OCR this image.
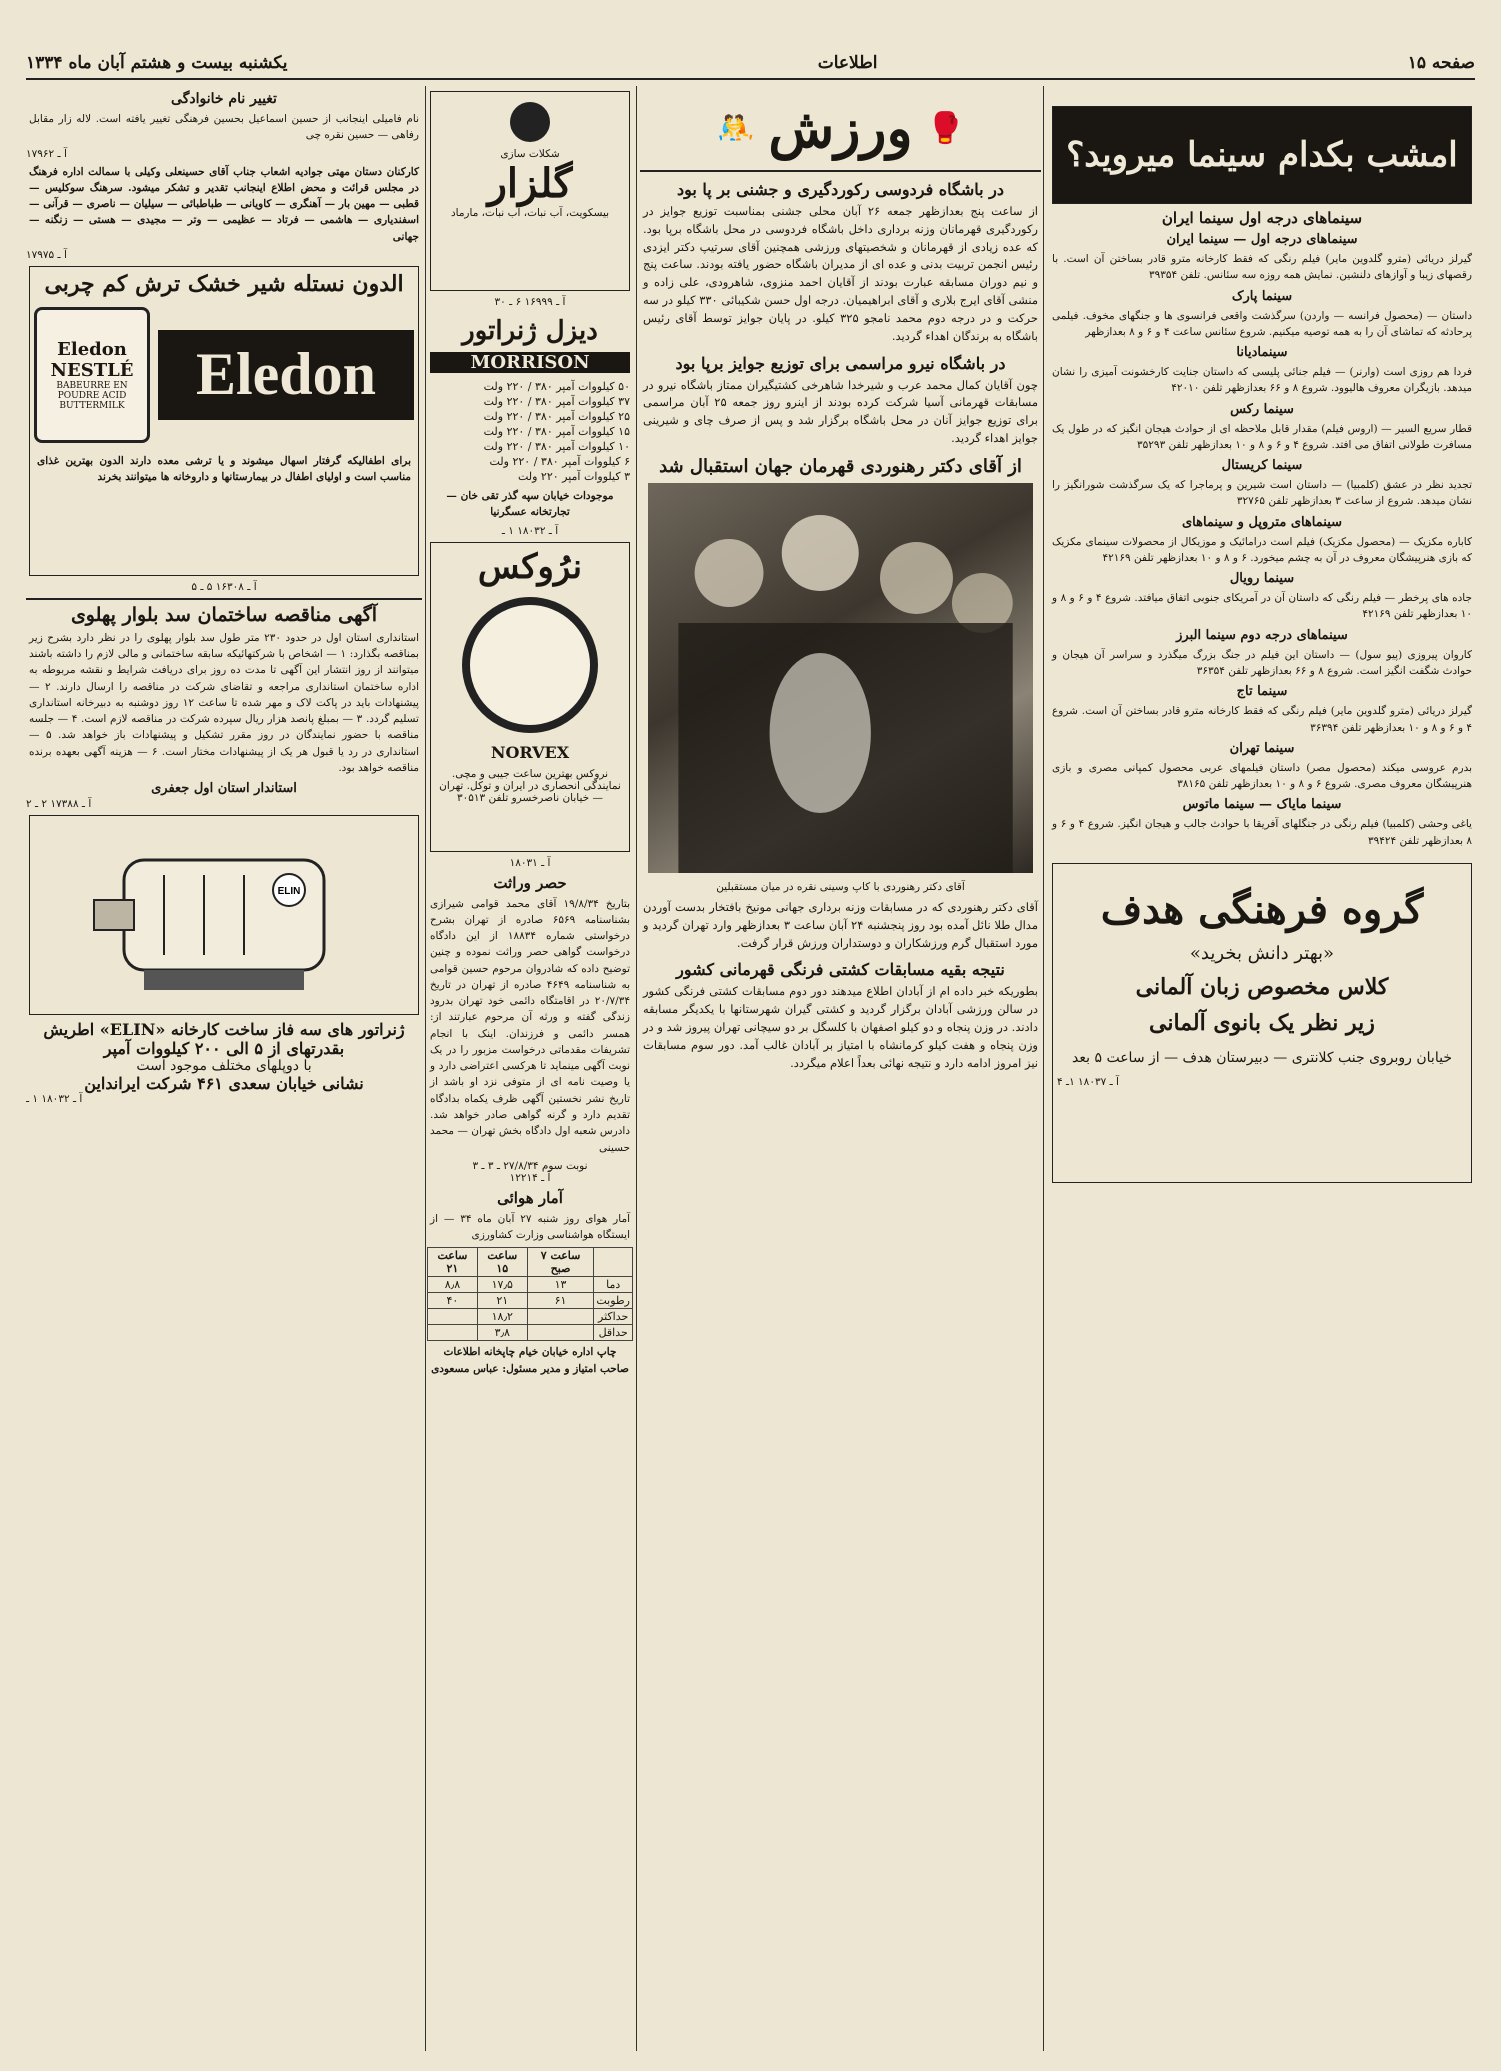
صفحه ۱۵
اطلاعات
یکشنبه بیست و هشتم آبان ماه ۱۳۳۴
امشب بکدام سینما میروید؟
سینماهای درجه اول سینما ایران
سینماهای درجه اول — سینما ایران
گیرلز دریائی (مترو گلدوین مایر) فیلم رنگی که فقط کارخانه مترو قادر بساختن آن است. با رقصهای زیبا و آوازهای دلنشین. نمایش همه روزه سه سئانس. تلفن ۳۹۳۵۴
سینما پارک
داستان — (محصول فرانسه — واردن) سرگذشت واقعی فرانسوی ها و جنگهای مخوف. فیلمی پرحادثه که تماشای آن را به همه توصیه میکنیم. شروع سئانس ساعت ۴ و ۶ و ۸ بعدازظهر
سینمادیانا
فردا هم روزی است (وارنر) — فیلم جنائی پلیسی که داستان جنایت کارخشونت آمیزی را نشان میدهد. بازیگران معروف هالیوود. شروع ۸ و ۶۶ بعدازظهر تلفن ۴۲۰۱۰
سینما رکس
قطار سریع السیر — (اروس فیلم) مقدار قابل ملاحظه ای از حوادث هیجان انگیز که در طول یک مسافرت طولانی اتفاق می افتد. شروع ۴ و ۶ و ۸ و ۱۰ بعدازظهر تلفن ۳۵۲۹۳
سینما کریستال
تجدید نظر در عشق (کلمبیا) — داستان است شیرین و پرماجرا که یک سرگذشت شورانگیز را نشان میدهد. شروع از ساعت ۳ بعدازظهر تلفن ۳۲۷۶۵
سینماهای متروپل و سینماهای
کاباره مکزیک — (محصول مکزیک) فیلم است درامائیک و موزیکال از محصولات سینمای مکزیک که بازی هنرپیشگان معروف در آن به چشم میخورد. ۶ و ۸ و ۱۰ بعدازظهر تلفن ۴۲۱۶۹
سینما رویال
جاده های پرخطر — فیلم رنگی که داستان آن در آمریکای جنوبی اتفاق میافتد. شروع ۴ و ۶ و ۸ و ۱۰ بعدازظهر تلفن ۴۲۱۶۹
سینماهای درجه دوم سینما البرز
کاروان پیروزی (پیو سول) — داستان این فیلم در جنگ بزرگ میگذرد و سراسر آن هیجان و حوادث شگفت انگیز است. شروع ۸ و ۶۶ بعدازظهر تلفن ۳۶۳۵۴
سینما تاج
گیرلز دریائی (مترو گلدوین مایر) فیلم رنگی که فقط کارخانه مترو قادر بساختن آن است. شروع ۴ و ۶ و ۸ و ۱۰ بعدازظهر تلفن ۳۶۳۹۴
سینما تهران
بدرم عروسی میکند (محصول مصر) داستان فیلمهای عربی محصول کمپانی مصری و بازی هنرپیشگان معروف مصری. شروع ۶ و ۸ و ۱۰ بعدازظهر تلفن ۳۸۱۶۵
سینما مایاک — سینما ماتوس
یاغی وحشی (کلمبیا) فیلم رنگی در جنگلهای آفریقا با حوادث جالب و هیجان انگیز. شروع ۴ و ۶ و ۸ بعدازظهر تلفن ۳۹۴۲۴
گروه فرهنگی هدف
«بهتر دانش بخرید»
کلاس مخصوص زبان آلمانی
زیر نظر یک بانوی آلمانی
خیابان روبروی جنب کلانتری — دبیرستان هدف — از ساعت ۵ بعد
آ ـ ۱۸۰۳۷ ۱ـ ۴
🥊
ورزش
🤼
در باشگاه فردوسی رکوردگیری و جشنی بر پا بود
از ساعت پنج بعدازظهر جمعه ۲۶ آبان محلی جشنی بمناسبت توزیع جوایز در رکوردگیری قهرمانان وزنه برداری داخل باشگاه فردوسی در محل باشگاه برپا بود. که عده زیادی از قهرمانان و شخصیتهای ورزشی همچنین آقای سرتیپ دکتر ایزدی رئیس انجمن تربیت بدنی و عده ای از مدیران باشگاه حضور یافته بودند. ساعت پنج و نیم دوران مسابقه عبارت بودند از آقایان احمد منزوی، شاهرودی، علی زاده و منشی آقای ایرج بلاری و آقای ابراهیمیان. درجه اول حسن شکیبائی ۳۳۰ کیلو در سه حرکت و در درجه دوم محمد نامجو ۳۲۵ کیلو. در پایان جوایز توسط آقای رئیس باشگاه به برندگان اهداء گردید.
در باشگاه نیرو مراسمی برای توزیع جوایز برپا بود
چون آقایان کمال محمد عرب و شیرخدا شاهرخی کشتیگیران ممتاز باشگاه نیرو در مسابقات قهرمانی آسیا شرکت کرده بودند از اینرو روز جمعه ۲۵ آبان مراسمی برای توزیع جوایز آنان در محل باشگاه برگزار شد و پس از صرف چای و شیرینی جوایز اهداء گردید.
از آقای دکتر رهنوردی قهرمان جهان استقبال شد
آقای دکتر رهنوردی با کاپ وسینی نقره در میان مستقبلین
آقای دکتر رهنوردی که در مسابقات وزنه برداری جهانی مونیخ بافتخار بدست آوردن مدال طلا نائل آمده بود روز پنجشنبه ۲۴ آبان ساعت ۳ بعدازظهر وارد تهران گردید و مورد استقبال گرم ورزشکاران و دوستداران ورزش قرار گرفت.
نتیجه بقیه مسابقات کشتی فرنگی قهرمانی کشور
بطوریکه خبر داده ام از آبادان اطلاع میدهند دور دوم مسابقات کشتی فرنگی کشور در سالن ورزشی آبادان برگزار گردید و کشتی گیران شهرستانها با یکدیگر مسابقه دادند. در وزن پنجاه و دو کیلو اصفهان با کلسگل بر دو سیچانی تهران پیروز شد و در وزن پنجاه و هفت کیلو کرمانشاه با امتیاز بر آبادان غالب آمد. دور سوم مسابقات نیز امروز ادامه دارد و نتیجه نهائی بعداً اعلام میگردد.
شکلات سازی
گلزار
بیسکویت، آب نبات، آب نبات، مارماد
آ ـ ۱۶۹۹۹ ۶ ـ ۳۰
دیزل ژنراتور
MORRISON
۵۰ کیلووات آمپر ۳۸۰ / ۲۲۰ ولت
۳۷ کیلووات آمپر ۳۸۰ / ۲۲۰ ولت
۲۵ کیلووات آمپر ۳۸۰ / ۲۲۰ ولت
۱۵ کیلووات آمپر ۳۸۰ / ۲۲۰ ولت
۱۰ کیلووات آمپر ۳۸۰ / ۲۲۰ ولت
۶ کیلووات آمپر ۳۸۰ / ۲۲۰ ولت
۳ کیلووات آمپر ۲۲۰ ولت
موجودات خیابان سپه گذر تقی خان — تجارتخانه عسگرنیا
آ ـ ۱۸۰۳۲ ۱ ـ
نرُوکس
NORVEX
نروکس بهترین ساعت جیبی و مچی. نمایندگی انحصاری در ایران و توکل. تهران — خیابان ناصرخسرو تلفن ۳۰۵۱۳
آ ـ ۱۸۰۳۱
حصر وراثت
بتاریخ ۱۹/۸/۳۴ آقای محمد قوامی شیرازی بشناسنامه ۶۵۶۹ صادره از تهران بشرح درخواستی شماره ۱۸۸۳۴ از این دادگاه درخواست گواهی حصر وراثت نموده و چنین توضیح داده که شادروان مرحوم حسین قوامی به شناسنامه ۴۶۴۹ صادره از تهران در تاریخ ۲۰/۷/۳۴ در اقامتگاه دائمی خود تهران بدرود زندگی گفته و ورثه آن مرحوم عبارتند از: همسر دائمی و فرزندان. اینک با انجام تشریفات مقدماتی درخواست مزبور را در یک نوبت آگهی مینماید تا هرکسی اعتراضی دارد و یا وصیت نامه ای از متوفی نزد او باشد از تاریخ نشر نخستین آگهی ظرف یکماه بدادگاه تقدیم دارد و گرنه گواهی صادر خواهد شد. دادرس شعبه اول دادگاه بخش تهران — محمد حسینی
نوبت سوم ۲۷/۸/۳۴ ـ ۳ ـ ۳
آ ـ ۱۲۲۱۴
آمار هوائی
آمار هوای روز شنبه ۲۷ آبان ماه ۳۴ — از ایستگاه هواشناسی وزارت کشاورزی
	ساعت ۷ صبح	ساعت ۱۵	ساعت ۲۱
دما	۱۳	۱۷٫۵	۸٫۸
رطوبت	۶۱	۲۱	۴۰
حداکثر		۱۸٫۲	
حداقل		۳٫۸	
چاپ اداره خیابان خیام چاپخانه اطلاعات
صاحب امتیاز و مدیر مسئول: عباس مسعودی
تغییر نام خانوادگی
نام فامیلی اینجانب از حسین اسماعیل بحسین فرهنگی تغییر یافته است. لاله زار مقابل رفاهی — حسین نقره چی
آ ـ ۱۷۹۶۲
کارکنان دستان مهتی جوادیه اشعاب جناب آقای حسینعلی وکیلی با سمالت اداره فرهنگ در مجلس قرائت و محض اطلاع اینجانب تقدیر و تشکر میشود. سرهنگ سوکلیس — قطبی — مهین بار — آهنگری — کاویانی — طباطبائی — سیلیان — ناصری — قرآنی — اسفندیاری — هاشمی — فرتاد — عظیمی — وتر — مجیدی — هستی — زنگنه — جهانی
آ ـ ۱۷۹۷۵
الدون نستله شیر خشک ترش کم چربی
Eledon NESTLÉ
BABEURRE EN POUDRE ACID BUTTERMILK	Eledon
برای اطفالیکه گرفتار اسهال میشوند و یا ترشی معده دارند الدون بهترین غذای مناسب است و اولیای اطفال در بیمارستانها و داروخانه ها میتوانند بخرند
آ ـ ۱۶۳۰۸ ۵ ـ ۵
آگهی مناقصه ساختمان سد بلوار پهلوی
استانداری استان اول در حدود ۲۳۰ متر طول سد بلوار پهلوی را در نظر دارد بشرح زیر بمناقصه بگذارد: ۱ — اشخاص با شرکتهائیکه سابقه ساختمانی و مالی لازم را داشته باشند میتوانند از روز انتشار این آگهی تا مدت ده روز برای دریافت شرایط و نقشه مربوطه به اداره ساختمان استانداری مراجعه و تقاضای شرکت در مناقصه را ارسال دارند. ۲ — پیشنهادات باید در پاکت لاک و مهر شده تا ساعت ۱۲ روز دوشنبه به دبیرخانه استانداری تسلیم گردد. ۳ — بمبلغ پانصد هزار ریال سپرده شرکت در مناقصه لازم است. ۴ — جلسه مناقصه با حضور نمایندگان در روز مقرر تشکیل و پیشنهادات باز خواهد شد. ۵ — استانداری در رد یا قبول هر یک از پیشنهادات مختار است. ۶ — هزینه آگهی بعهده برنده مناقصه خواهد بود.
استاندار استان اول جعفری
آ ـ ۱۷۳۸۸ ۲ ـ ۲
ELIN
ژنراتور های سه فاز ساخت کارخانه «ELIN» اطریش بقدرتهای از ۵ الی ۲۰۰ کیلووات آمپر
با دوپلهای مختلف موجود است
نشانی خیابان سعدی ۴۶۱ شرکت ایرانداین
آ ـ ۱۸۰۳۲ ۱ ـ
